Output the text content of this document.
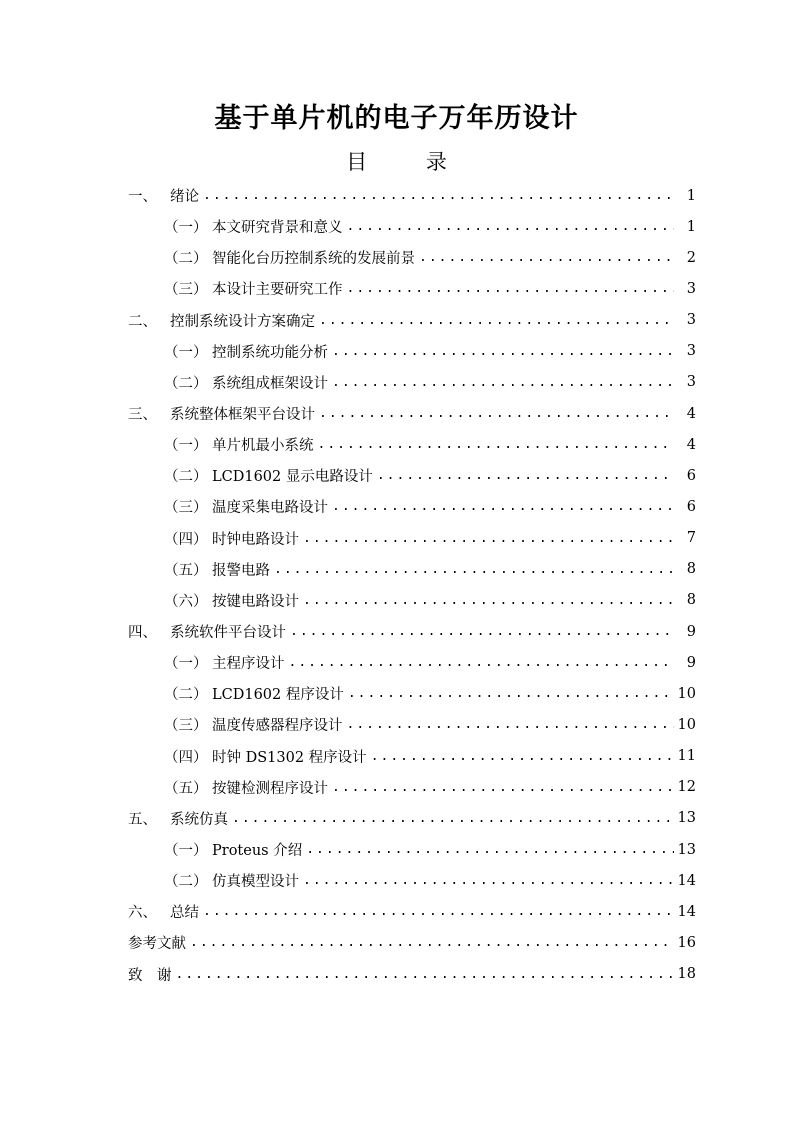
基于单片机的电子万年历设计
目 录
一、 绪论 .....	1
（一） 本文研究背景和意义 .....	1
（二） 智能化台历控制系统的发展前景 .....	2
（三） 本设计主要研究工作 .....	3
二、 控制系统设计方案确定 .....	3
（一） 控制系统功能分析 .....	3
（二） 系统组成框架设计 .....	3
三、 系统整体框架平台设计 .....	4
（一） 单片机最小系统 .....	4
（二） LCD1602 显示电路设计 .....	6
（三） 温度采集电路设计 .....	6
（四） 时钟电路设计 .....	7
（五） 报警电路 .....	8
（六） 按键电路设计 .....	8
四、 系统软件平台设计 .....	9
（一） 主程序设计 .....	9
（二） LCD1602 程序设计 .....	10
（三） 温度传感器程序设计 .....	10
（四） 时钟 DS1302 程序设计 .....	11
（五） 按键检测程序设计 .....	12
五、 系统仿真 .....	13
（一） Proteus 介绍 .....	13
（二） 仿真模型设计 .....	14
六、 总结 .....	14
参考文献 .....	16
致　谢 .....	18
